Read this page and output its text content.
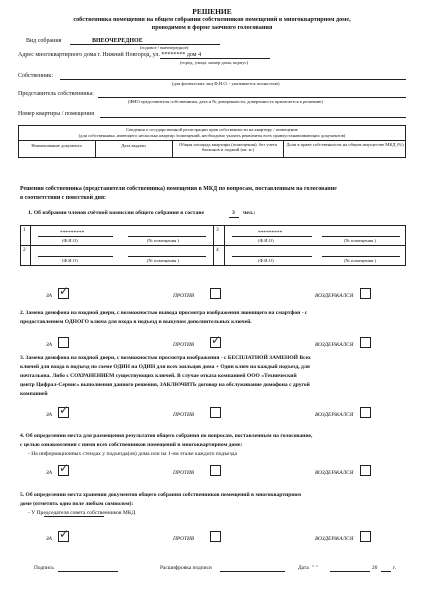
РЕШЕНИЕ
собственника помещения на общем собрании собственников помещений в многоквартирном доме,
проводимом в форме заочного голосования
Вид собрания	ВНЕОЧЕРЕДНОЕ
(годовое / внеочередное)
Адрес многоквартирного дома г. Нижний Новгород, ул. ******** дом 4
(город, улица, номер дома, корпус)
Собственник:
(для физических лиц Ф.И.О. - указывается полностью)
Представитель собственника:
(ФИО представителя собственника, дата и № доверенности, доверенность прилагается к решению)
Номер квартиры / помещения
Сведения о государственной регистрации прав собственности на квартиру / помещение
(для собственника, имеющего несколько квартир /помещений, необходимо указать реквизиты всех правоустанавливающих документов)
Наименование документа	Дата выдачи	Общая площадь квартиры (помещения), без учета балконов и лоджий (кв. м.)
Доля в праве собственности на общем имуществе МКД (%)
Решения собственника (представители собственника) помещения в МКД по вопросам, поставленным на голосование
в соответствии с повесткой дня:
1. Об избрании членов счётной комиссии общего собрания в составе	3 чел.:
1	*********
(Ф.И.О)	(№ помещения )
3	*********
(Ф.И.О)	(№ помещения )
2
(Ф.И.О)	(№ помещения )
4
(Ф.И.О)	(№ помещения )
ЗА ✓	ПРОТИВ	ВОЗДЕРЖАЛСЯ
2. Замена домофона на входной двери, с возможностью вывода просмотра изображения звонящего на смартфон - с
предоставлением ОДНОГО ключа для входа в подъезд и выкупом дополнительных ключей.
ЗА	ПРОТИВ ✓	ВОЗДЕРЖАЛСЯ
3. Замена домофона на входной двери, с возможностью просмотра изображения - с БЕСПЛАТНОЙ ЗАМЕНОЙ Всех
ключей для входа в подъезд по схеме ОДИН на ОДИН для всех жильцов дома + Один ключ на каждый подъезд, для
почтальона. Либо с СОХРАНЕНИЕМ существующих ключей. В случае отказа компанией ООО «Технический
центр Цифрал-Сервис» выполнения данного решения, ЗАКЛЮЧИТЬ договор на обслуживание домофона с другой
компанией
ЗА ✓	ПРОТИВ	ВОЗДЕРЖАЛСЯ
4. Об определении места для размещения результатов общего собрания по вопросам, поставленным на голосование,
с целью ознакомления с ними всех собственников помещений в многоквартирном доме:
- На информационных стендах у подъезда(ов) дома или на 1-ом этаже каждого подъезда
ЗА ✓	ПРОТИВ	ВОЗДЕРЖАЛСЯ
5. Об определении места хранения документов общего собрания собственников помещений в многоквартирном
доме (отметить одно поле любым символом):
- У Председателя совета собственников МКД
ЗА ✓	ПРОТИВ	ВОЗДЕРЖАЛСЯ
Подпись	Расшифровка подписи	Дата " "	20	г.
